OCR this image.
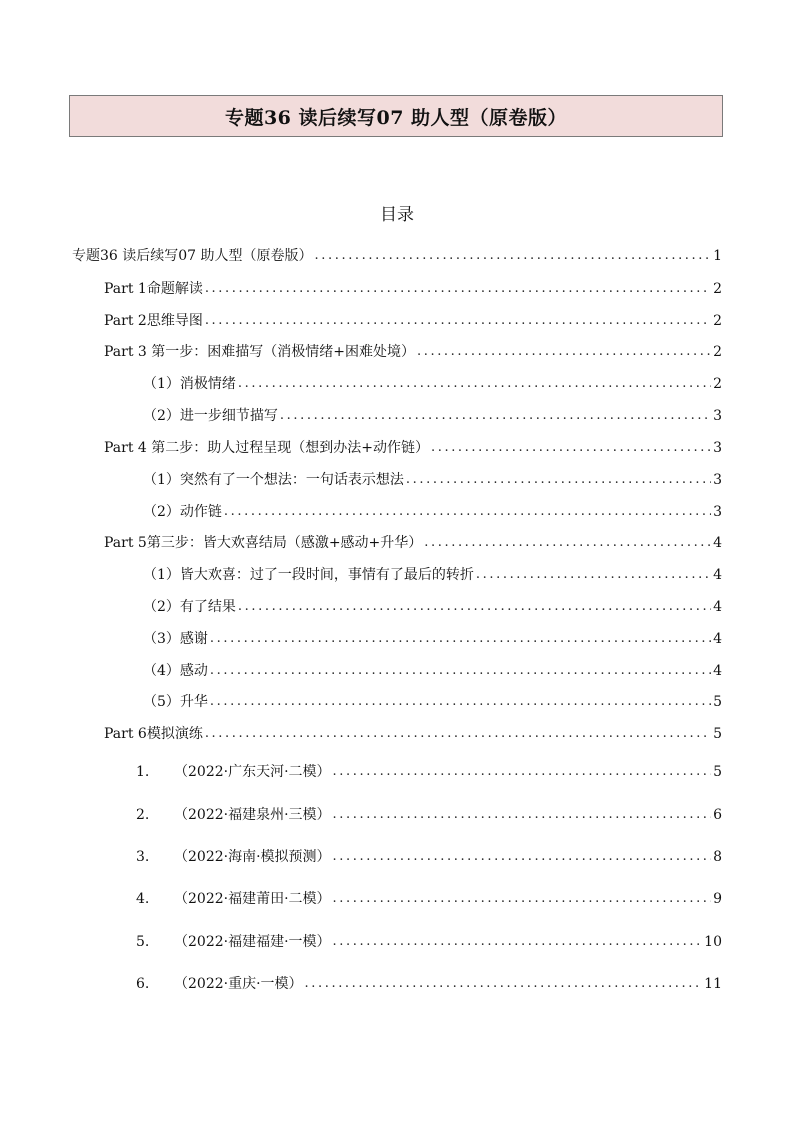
专题36 读后续写07 助人型（原卷版）
目录
专题36 读后续写07 助人型（原卷版） .....	1
Part 1命题解读 .....	2
Part 2思维导图 .....	2
Part 3 第一步：困难描写（消极情绪+困难处境） .....	2
（1）消极情绪 .....	2
（2）进一步细节描写 .....	3
Part 4 第二步：助人过程呈现（想到办法+动作链） .....	3
（1）突然有了一个想法：一句话表示想法 .....	3
（2）动作链 .....	3
Part 5第三步：皆大欢喜结局（感激+感动+升华） .....	4
（1）皆大欢喜：过了一段时间，事情有了最后的转折 .....	4
（2）有了结果 .....	4
（3）感谢 .....	4
（4）感动 .....	4
（5）升华 .....	5
Part 6模拟演练 .....	5
1.	（2022·广东天河·二模） .....	5
2.	（2022·福建泉州·三模） .....	6
3.	（2022·海南·模拟预测） .....	8
4.	（2022·福建莆田·二模） .....	9
5.	（2022·福建福建·一模） .....	10
6.	（2022·重庆·一模） .....	11
